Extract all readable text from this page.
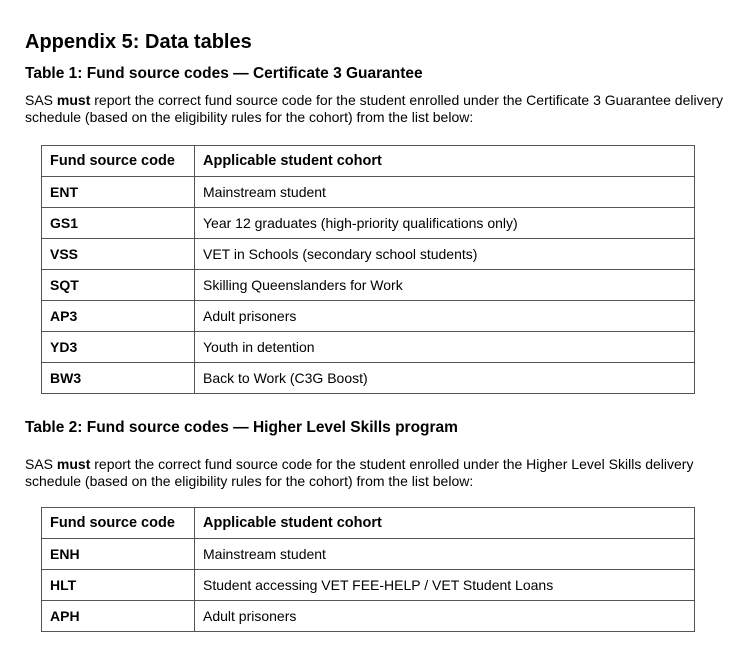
Appendix 5: Data tables
Table 1: Fund source codes — Certificate 3 Guarantee

SAS must report the correct fund source code for the student enrolled under the Certificate 3 Guarantee delivery schedule (based on the eligibility rules for the cohort) from the list below:

Fund source code	Applicable student cohort
ENT	Mainstream student
GS1	Year 12 graduates (high-priority qualifications only)
VSS	VET in Schools (secondary school students)
SQT	Skilling Queenslanders for Work
AP3	Adult prisoners
YD3	Youth in detention
BW3	Back to Work (C3G Boost)
Table 2: Fund source codes — Higher Level Skills program

SAS must report the correct fund source code for the student enrolled under the Higher Level Skills delivery schedule (based on the eligibility rules for the cohort) from the list below:

Fund source code	Applicable student cohort
ENH	Mainstream student
HLT	Student accessing VET FEE-HELP / VET Student Loans
APH	Adult prisoners
